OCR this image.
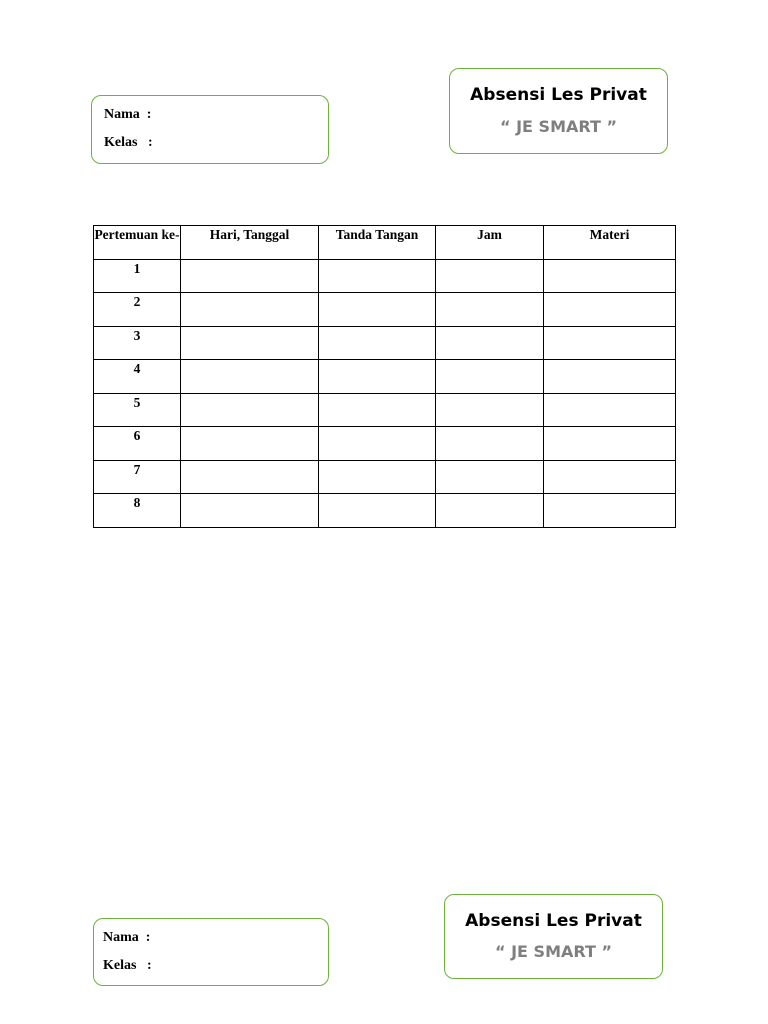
Nama  :
Kelas   :
Absensi Les Privat
“ JE SMART ”
Pertemuan ke-	Hari, Tanggal	Tanda Tangan	Jam	Materi
1				
2				
3				
4				
5				
6				
7				
8				
Nama  :
Kelas   :
Absensi Les Privat
“ JE SMART ”
